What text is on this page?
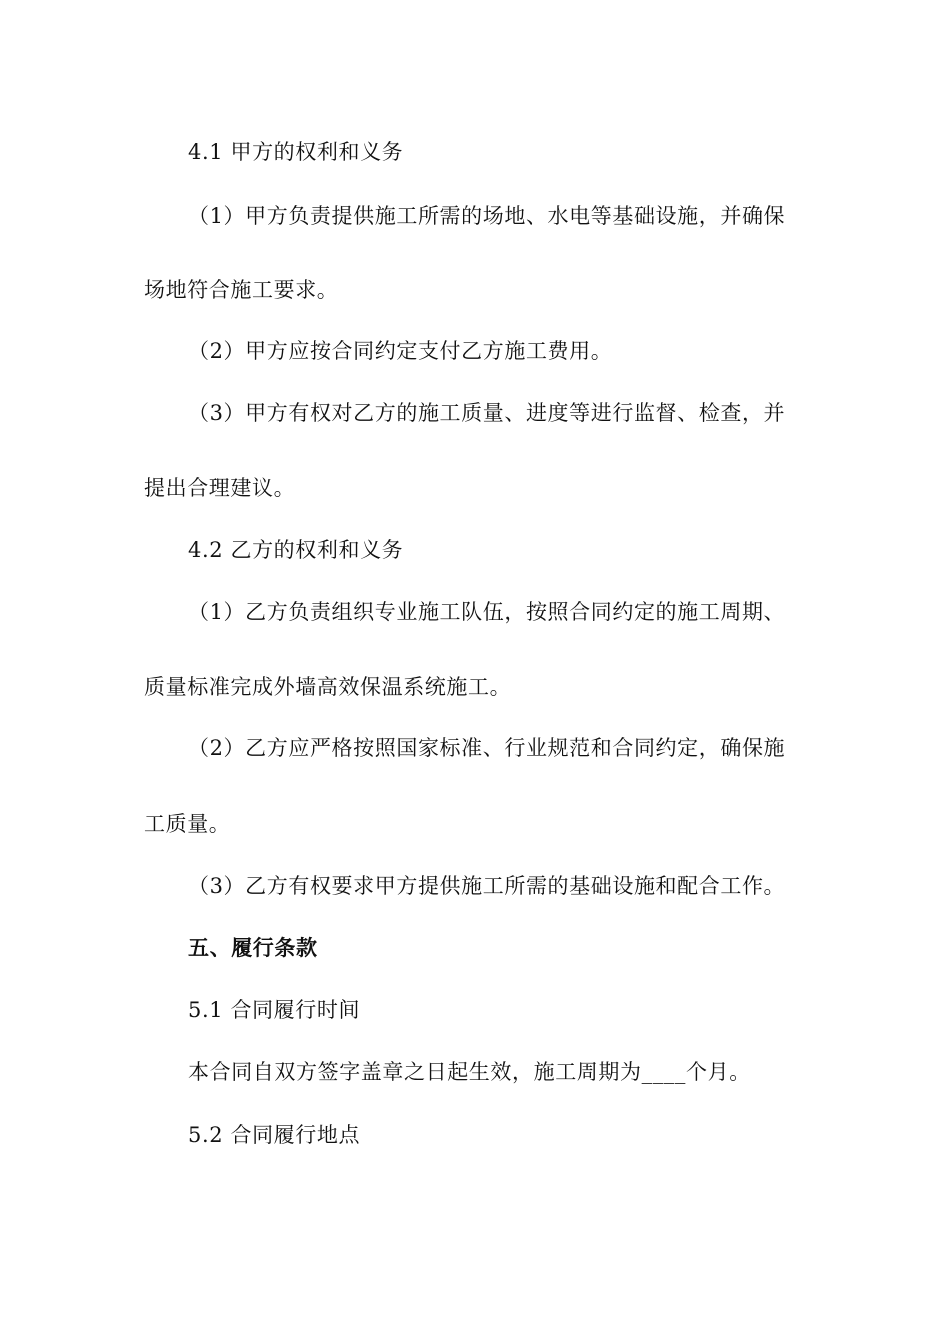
4.1 甲方的权利和义务
（1）甲方负责提供施工所需的场地、水电等基础设施，并确保
场地符合施工要求。
（2）甲方应按合同约定支付乙方施工费用。
（3）甲方有权对乙方的施工质量、进度等进行监督、检查，并
提出合理建议。
4.2 乙方的权利和义务
（1）乙方负责组织专业施工队伍，按照合同约定的施工周期、
质量标准完成外墙高效保温系统施工。
（2）乙方应严格按照国家标准、行业规范和合同约定，确保施
工质量。
（3）乙方有权要求甲方提供施工所需的基础设施和配合工作。
五、履行条款
5.1 合同履行时间
本合同自双方签字盖章之日起生效，施工周期为____个月。
5.2 合同履行地点
